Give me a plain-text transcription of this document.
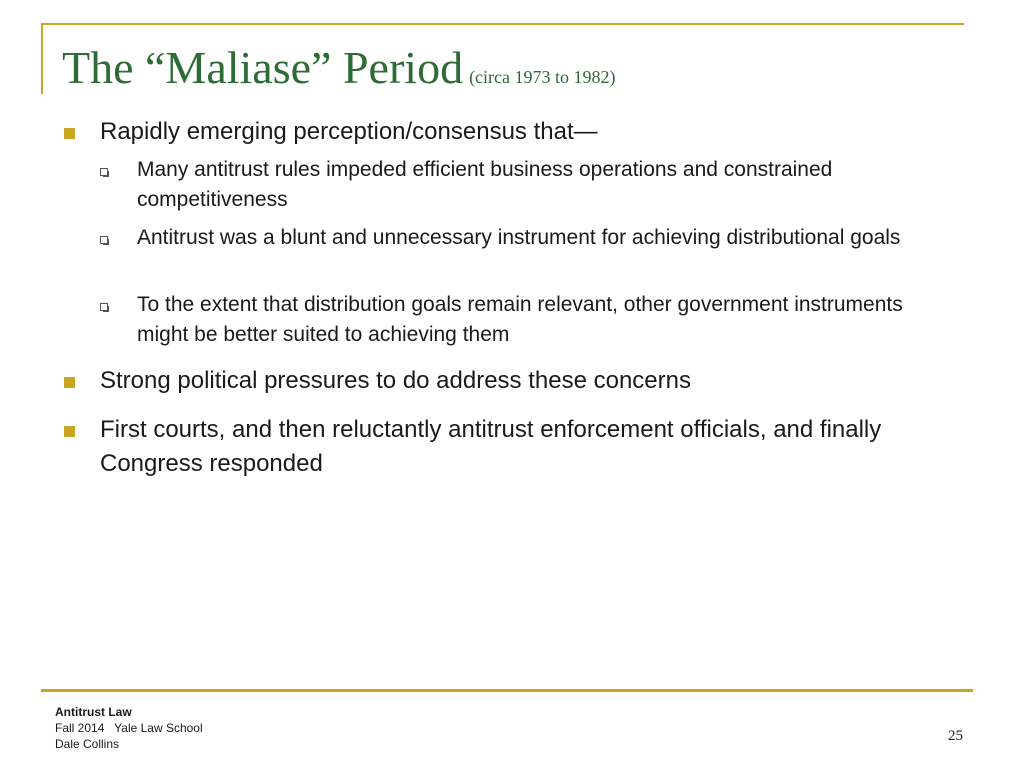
The “Maliase” Period (circa 1973 to 1982)
Rapidly emerging perception/consensus that—
Many antitrust rules impeded efficient business operations and constrained competitiveness
Antitrust was a blunt and unnecessary instrument for achieving distributional goals
To the extent that distribution goals remain relevant, other government instruments might be better suited to achieving them
Strong political pressures to do address these concerns
First courts, and then reluctantly antitrust enforcement officials, and finally Congress responded
Antitrust Law
Fall 2014   Yale Law School
Dale Collins	25
